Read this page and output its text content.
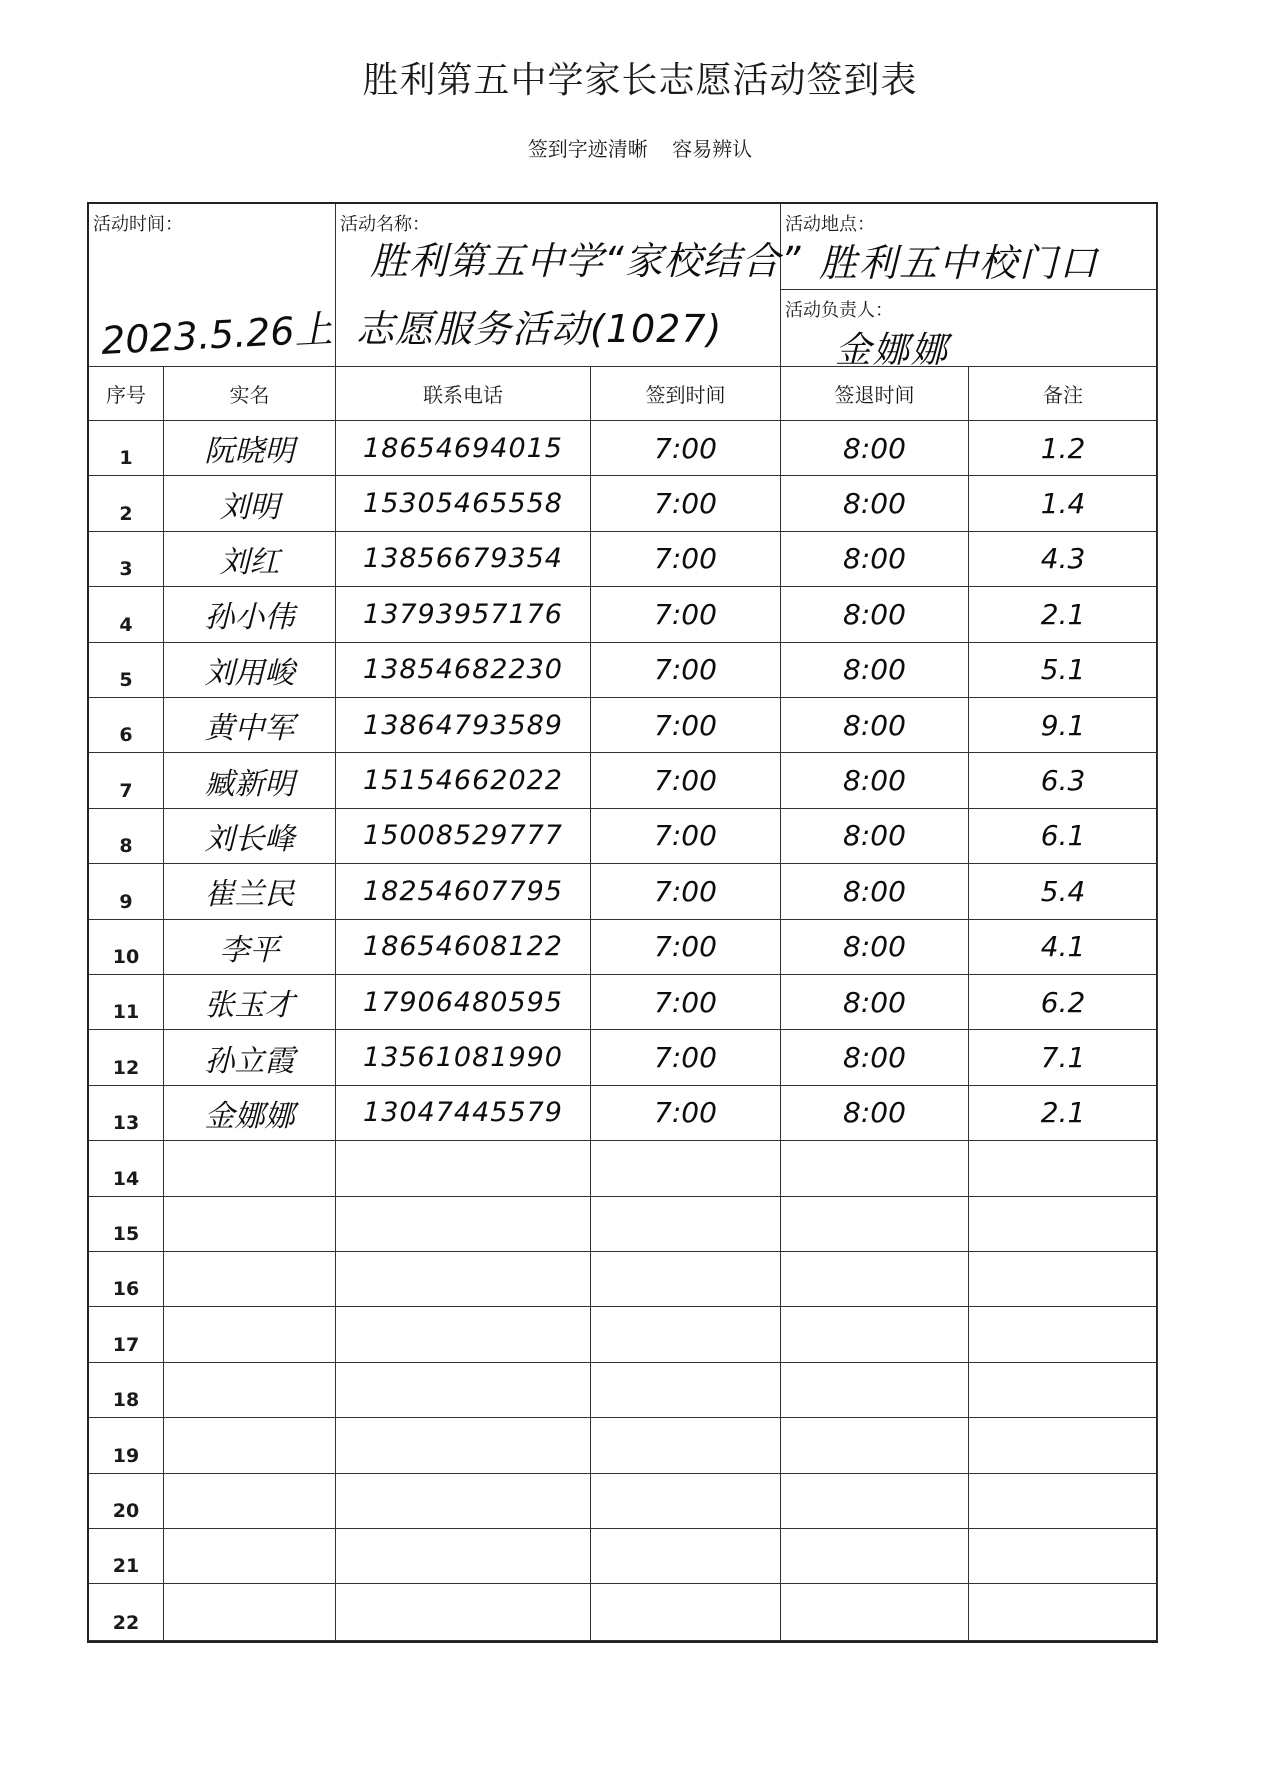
胜利第五中学家长志愿活动签到表
签到字迹清晰 容易辨认
活动时间：
2023.5.26上
活动名称：
胜利第五中学“家校结合”
志愿服务活动(1027)
活动地点：
胜利五中校门口
活动负责人：
金娜娜
序号	实名	联系电话	签到时间	签退时间	备注
1	阮晓明	18654694015	7:00	8:00	1.2
2	刘明	15305465558	7:00	8:00	1.4
3	刘红	13856679354	7:00	8:00	4.3
4	孙小伟	13793957176	7:00	8:00	2.1
5	刘用峻	13854682230	7:00	8:00	5.1
6	黄中军	13864793589	7:00	8:00	9.1
7	臧新明	15154662022	7:00	8:00	6.3
8	刘长峰	15008529777	7:00	8:00	6.1
9	崔兰民	18254607795	7:00	8:00	5.4
10	李平	18654608122	7:00	8:00	4.1
11	张玉才	17906480595	7:00	8:00	6.2
12	孙立霞	13561081990	7:00	8:00	7.1
13	金娜娜	13047445579	7:00	8:00	2.1
14
15
16
17
18
19
20
21
22
